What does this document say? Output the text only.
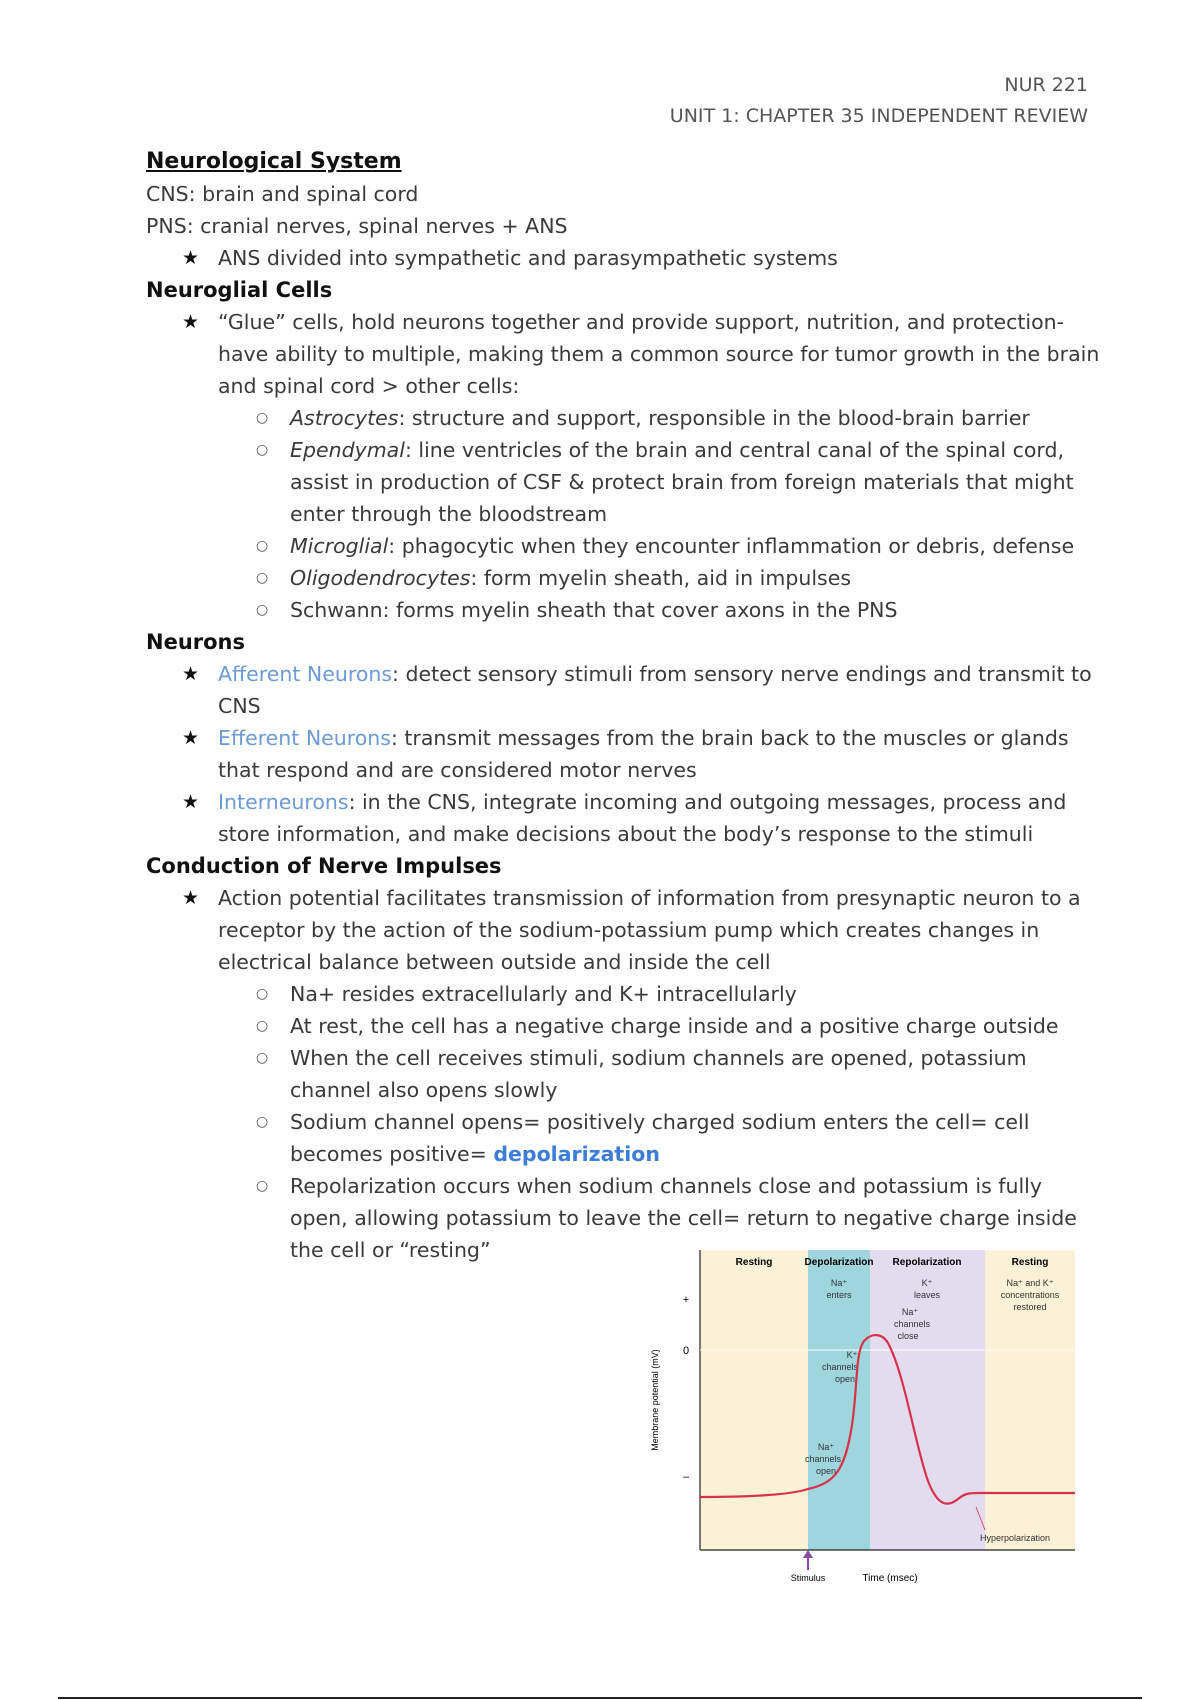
NUR 221
UNIT 1: CHAPTER 35 INDEPENDENT REVIEW
Neurological System
CNS: brain and spinal cord
PNS: cranial nerves, spinal nerves + ANS
★ ANS divided into sympathetic and parasympathetic systems
Neuroglial Cells
★ “Glue” cells, hold neurons together and provide support, nutrition, and protection-
have ability to multiple, making them a common source for tumor growth in the brain
and spinal cord > other cells:
○ Astrocytes: structure and support, responsible in the blood-brain barrier
○ Ependymal: line ventricles of the brain and central canal of the spinal cord,
assist in production of CSF & protect brain from foreign materials that might
enter through the bloodstream
○ Microglial: phagocytic when they encounter inflammation or debris, defense
○ Oligodendrocytes: form myelin sheath, aid in impulses
○ Schwann: forms myelin sheath that cover axons in the PNS
Neurons
★ Afferent Neurons: detect sensory stimuli from sensory nerve endings and transmit to
CNS
★ Efferent Neurons: transmit messages from the brain back to the muscles or glands
that respond and are considered motor nerves
★ Interneurons: in the CNS, integrate incoming and outgoing messages, process and
store information, and make decisions about the body’s response to the stimuli
Conduction of Nerve Impulses
★ Action potential facilitates transmission of information from presynaptic neuron to a
receptor by the action of the sodium-potassium pump which creates changes in
electrical balance between outside and inside the cell
○ Na+ resides extracellularly and K+ intracellularly
○ At rest, the cell has a negative charge inside and a positive charge outside
○ When the cell receives stimuli, sodium channels are opened, potassium
channel also opens slowly
○ Sodium channel opens= positively charged sodium enters the cell= cell
becomes positive= depolarization
○ Repolarization occurs when sodium channels close and potassium is fully
open, allowing potassium to leave the cell= return to negative charge inside
the cell or “resting”
+
0
–
Membrane potential (mV)
Time (msec)
Resting	Depolarization Repolarization	Resting
Na⁺
enters
K⁺
leaves
Na⁺
channels
close
K⁺
channels
open
Na⁺
channels
open
Na⁺ and K⁺
concentrations
restored
Hyperpolarization
Stimulus
